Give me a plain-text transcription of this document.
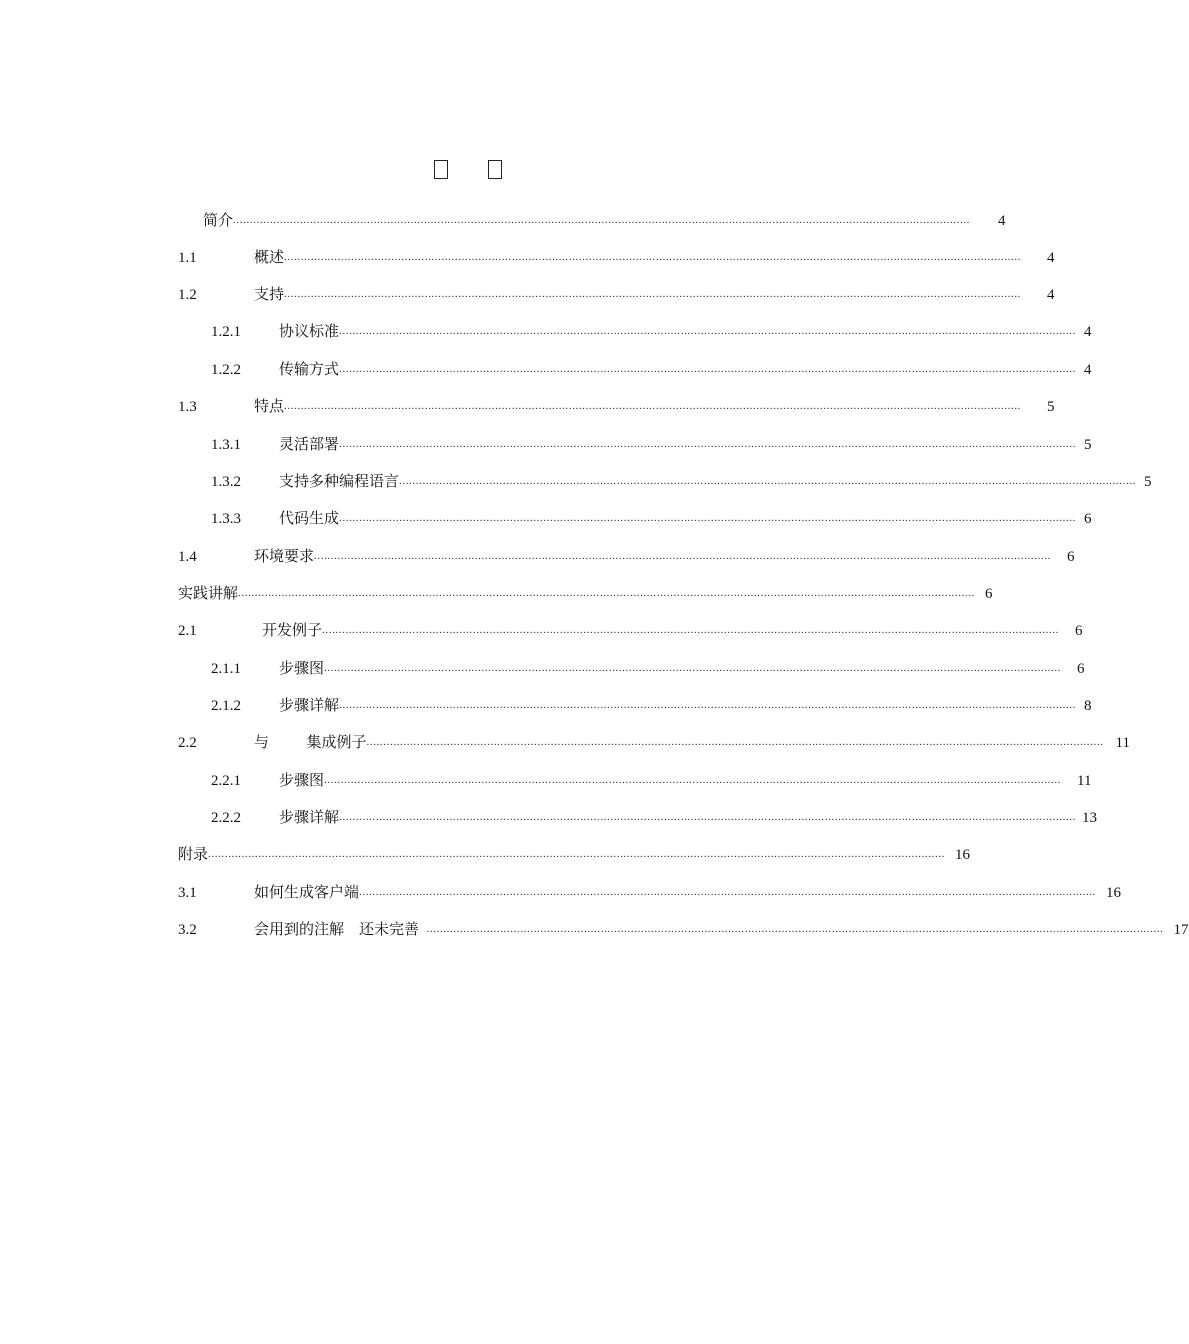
简介 ............................................................................................................................................................................................................................ 4
1.1	概述 ............................................................................................................................................................................................................................ 4
1.2	支持 ............................................................................................................................................................................................................................ 4
1.2.1	协议标准 ............................................................................................................................................................................................................................ 4
1.2.2	传输方式 ............................................................................................................................................................................................................................ 4
1.3	特点 ............................................................................................................................................................................................................................ 5
1.3.1	灵活部署 ............................................................................................................................................................................................................................ 5
1.3.2	支持多种编程语言 ............................................................................................................................................................................................................................ 5
1.3.3	代码生成 ............................................................................................................................................................................................................................ 6
1.4	环境要求 ............................................................................................................................................................................................................................ 6
实践讲解 ............................................................................................................................................................................................................................ 6
2.1	开发例子 ............................................................................................................................................................................................................................ 6
2.1.1	步骤图 ............................................................................................................................................................................................................................ 6
2.1.2	步骤详解 ............................................................................................................................................................................................................................ 8
2.2	与          集成例子 ............................................................................................................................................................................................................................ 11
2.2.1	步骤图 ............................................................................................................................................................................................................................ 11
2.2.2	步骤详解 ............................................................................................................................................................................................................................ 13
附录 ............................................................................................................................................................................................................................ 16
3.1	如何生成客户端 ............................................................................................................................................................................................................................ 16
3.2	会用到的注解    还未完善 ............................................................................................................................................................................................................................ 17
